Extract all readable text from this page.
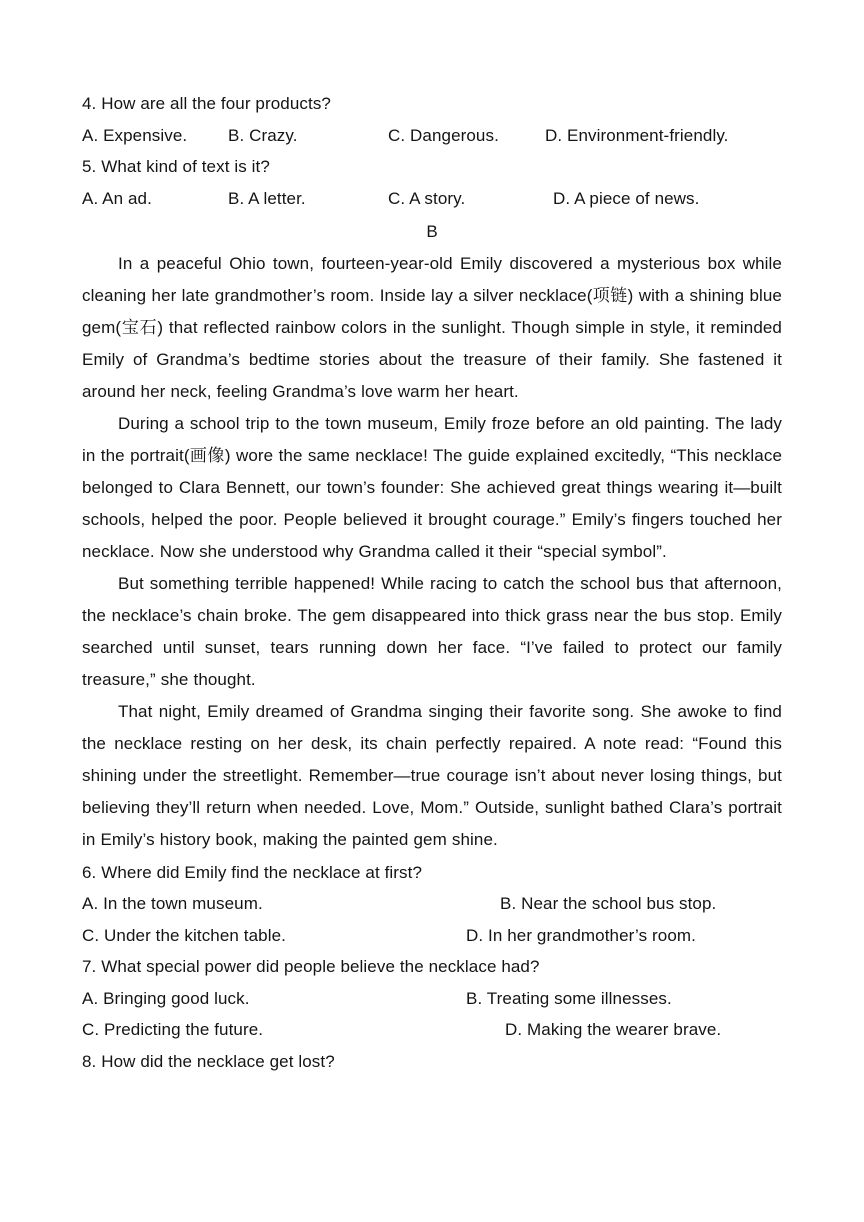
4. How are all the four products?
A. Expensive. B. Crazy.	C. Dangerous.	D. Environment-friendly.
5. What kind of text is it?
A. An ad.	B. A letter.	C. A story.	D. A piece of news.
B

In a peaceful Ohio town, fourteen-year-old Emily discovered a mysterious box while cleaning her late grandmother’s room. Inside lay a silver necklace(项链) with a shining blue gem(宝石) that reflected rainbow colors in the sunlight. Though simple in style, it reminded Emily of Grandma’s bedtime stories about the treasure of their family. She fastened it around her neck, feeling Grandma’s love warm her heart.

During a school trip to the town museum, Emily froze before an old painting. The lady in the portrait(画像) wore the same necklace! The guide explained excitedly, “This necklace belonged to Clara Bennett, our town’s founder: She achieved great things wearing it—built schools, helped the poor. People believed it brought courage.” Emily’s fingers touched her necklace. Now she understood why Grandma called it their “special symbol”.

But something terrible happened! While racing to catch the school bus that afternoon, the necklace’s chain broke. The gem disappeared into thick grass near the bus stop. Emily searched until sunset, tears running down her face. “I’ve failed to protect our family treasure,” she thought.

That night, Emily dreamed of Grandma singing their favorite song. She awoke to find the necklace resting on her desk, its chain perfectly repaired. A note read: “Found this shining under the streetlight. Remember—true courage isn’t about never losing things, but believing they’ll return when needed. Love, Mom.” Outside, sunlight bathed Clara’s portrait in Emily’s history book, making the painted gem shine.

6. Where did Emily find the necklace at first?
A. In the town museum.	B. Near the school bus stop.
C. Under the kitchen table.	D. In her grandmother’s room.
7. What special power did people believe the necklace had?
A. Bringing good luck.	B. Treating some illnesses.
C. Predicting the future.	D. Making the wearer brave.
8. How did the necklace get lost?
